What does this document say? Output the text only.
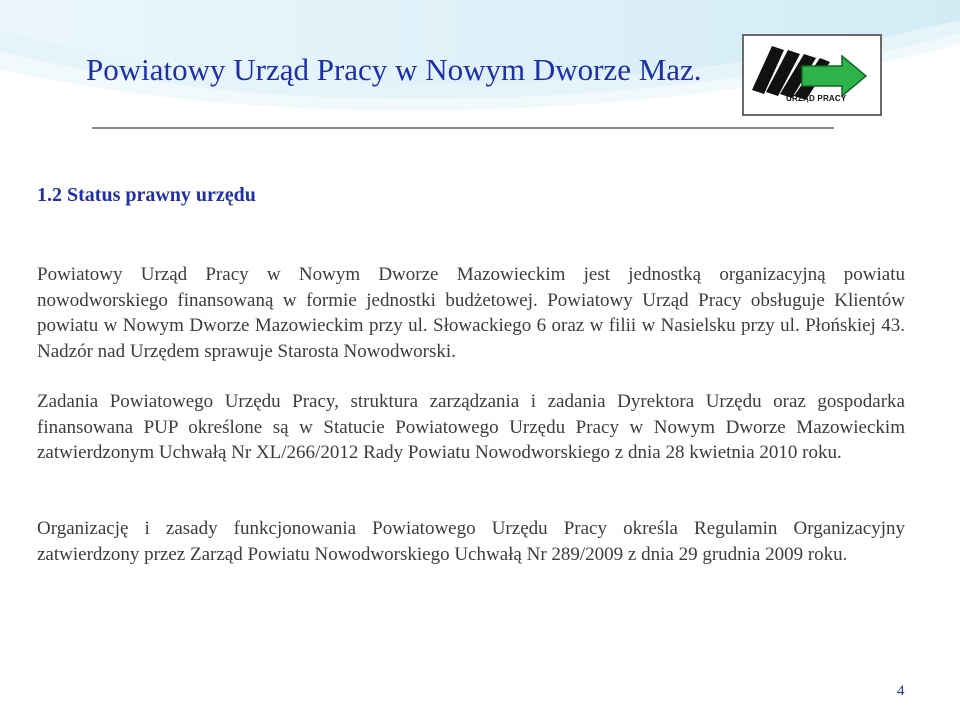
Powiatowy Urząd Pracy w Nowym Dworze Maz.
URZĄD PRACY
1.2 Status prawny urzędu

Powiatowy Urząd Pracy w Nowym Dworze Mazowieckim jest jednostką organizacyjną powiatu nowodworskiego finansowaną w formie jednostki budżetowej. Powiatowy Urząd Pracy obsługuje Klientów powiatu w Nowym Dworze Mazowieckim przy ul. Słowackiego 6 oraz w filii w Nasielsku przy ul. Płońskiej 43. Nadzór nad Urzędem sprawuje Starosta Nowodworski.

Zadania Powiatowego Urzędu Pracy, struktura zarządzania i zadania Dyrektora Urzędu oraz gospodarka finansowana PUP określone są w Statucie Powiatowego Urzędu Pracy w Nowym Dworze Mazowieckim zatwierdzonym Uchwałą Nr XL/266/2012 Rady Powiatu Nowodworskiego z dnia 28 kwietnia 2010 roku.

Organizację i zasady funkcjonowania Powiatowego Urzędu Pracy określa Regulamin Organizacyjny zatwierdzony przez Zarząd Powiatu Nowodworskiego Uchwałą Nr 289/2009 z dnia 29 grudnia 2009 roku.

4
